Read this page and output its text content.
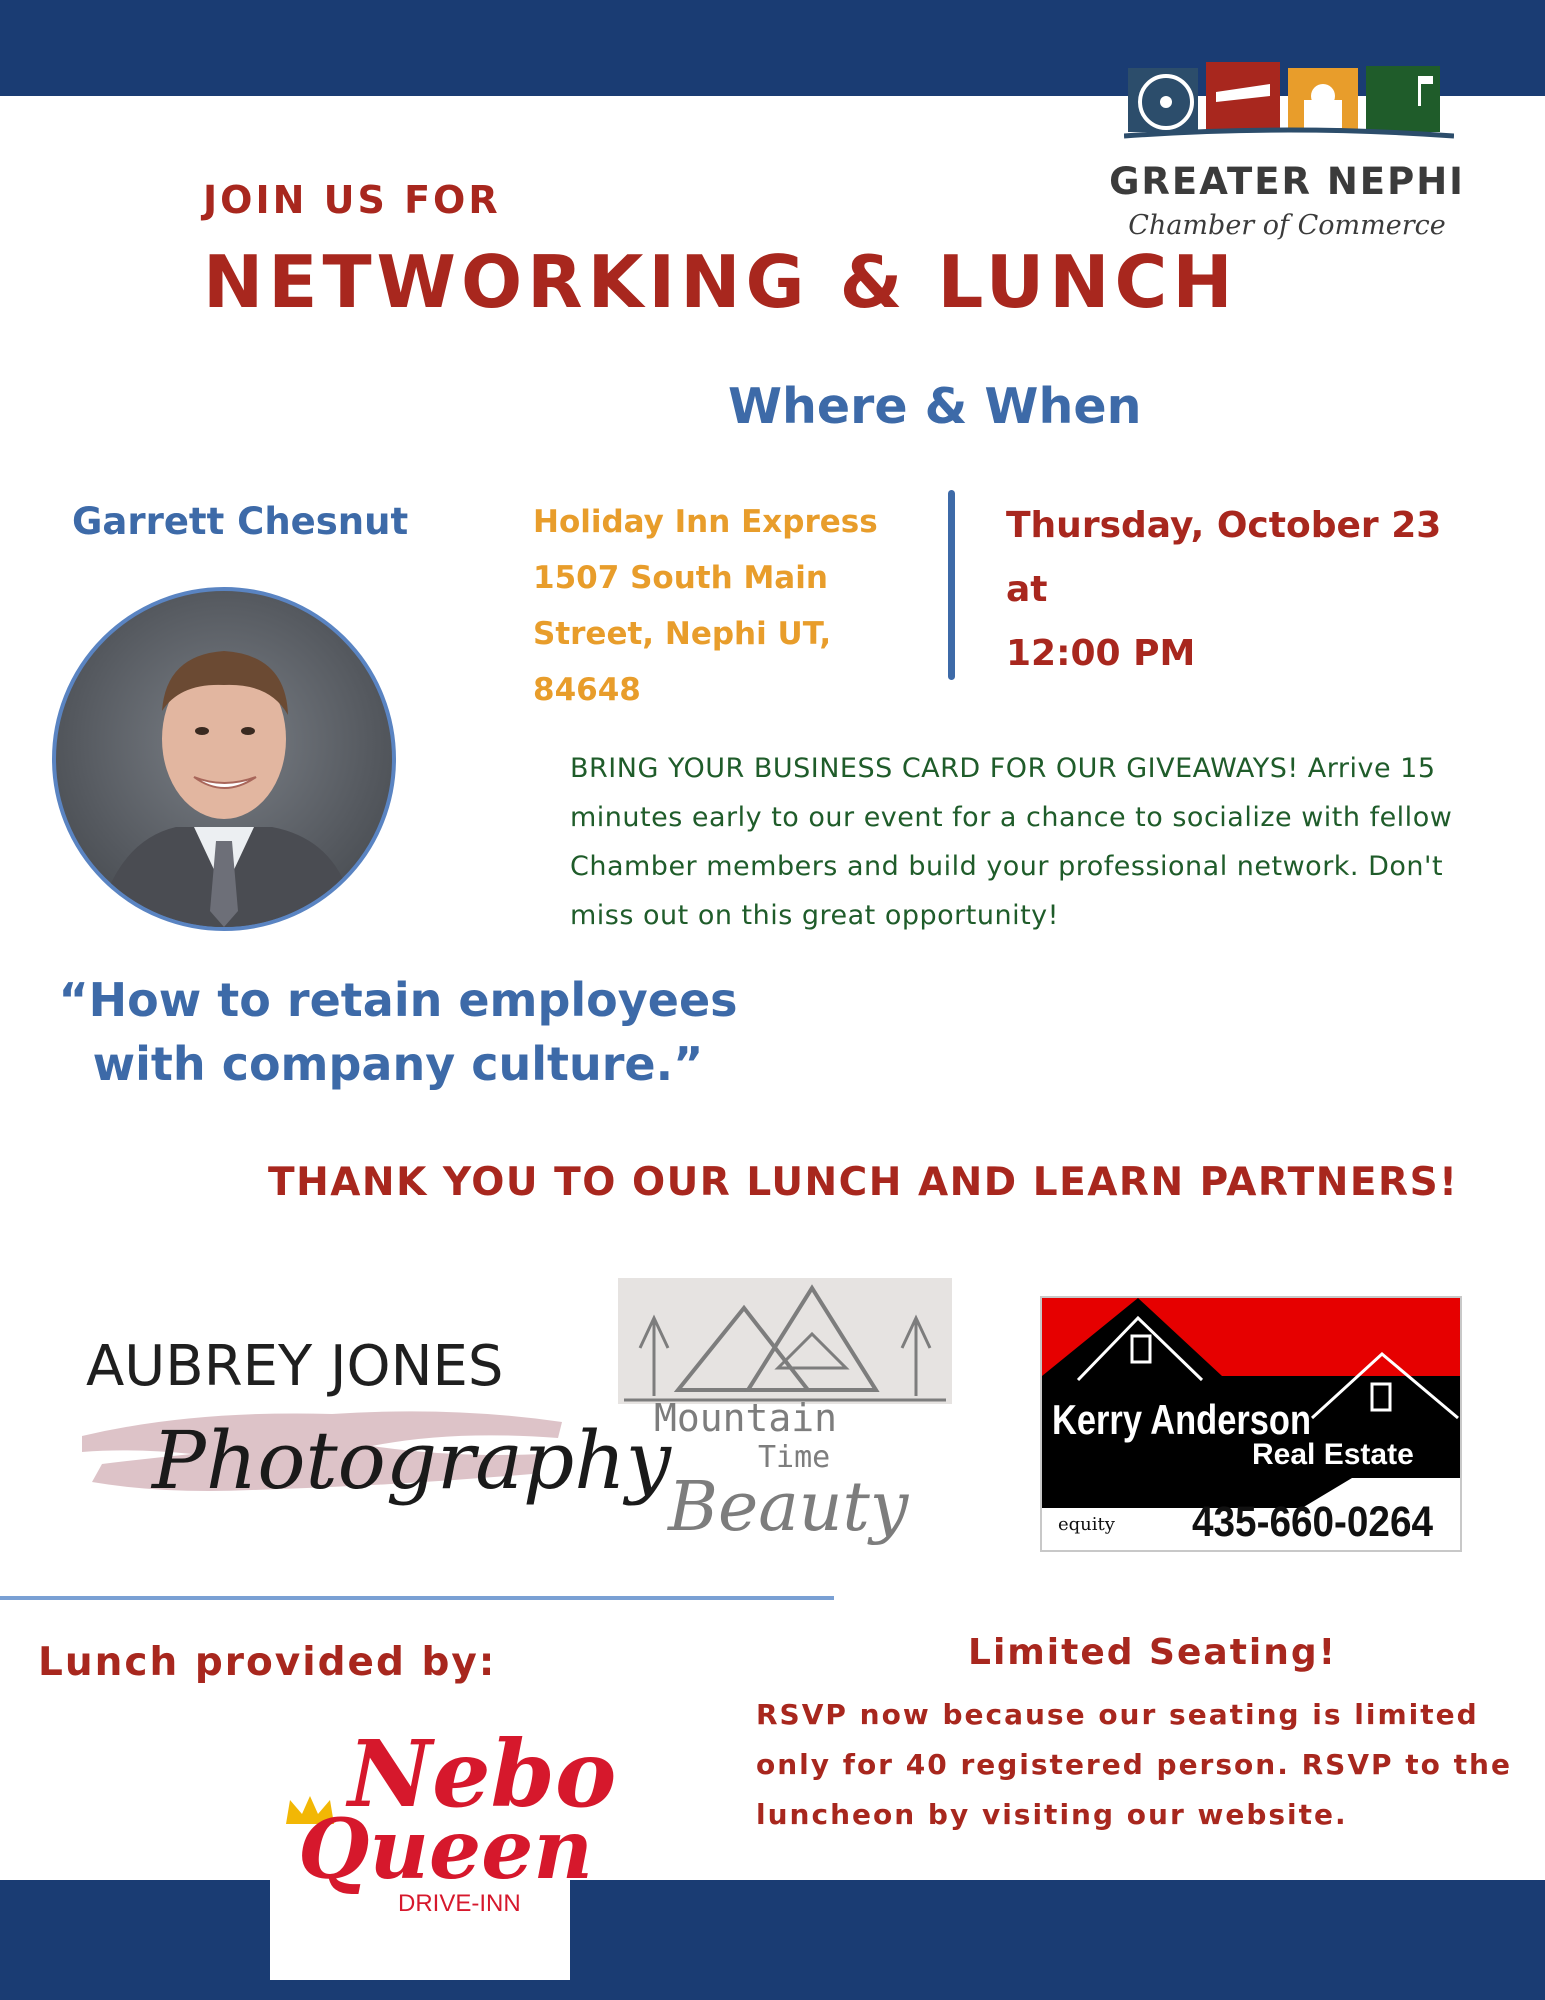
GREATER NEPHI
Chamber of Commerce
JOIN US FOR
NETWORKING & LUNCH
Where & When
Garrett Chesnut	Holiday Inn Express
1507 South Main
Street, Nephi UT,
84648
Thursday, October 23
at
12:00 PM
BRING YOUR BUSINESS CARD FOR OUR GIVEAWAYS! Arrive 15
minutes early to our event for a chance to socialize with fellow
Chamber members and build your professional network. Don't
miss out on this great opportunity!
“How to retain employees
with company culture.”
THANK YOU TO OUR LUNCH AND LEARN PARTNERS!
AUBREY JONES
Photography
Mountain
Time
Beauty
Kerry Anderson
Real Estate
equity 435-660-0264
Lunch provided by:
Nebo
Queen
DRIVE-INN
Limited Seating!
RSVP now because our seating is limited
only for 40 registered person. RSVP to the
luncheon by visiting our website.
